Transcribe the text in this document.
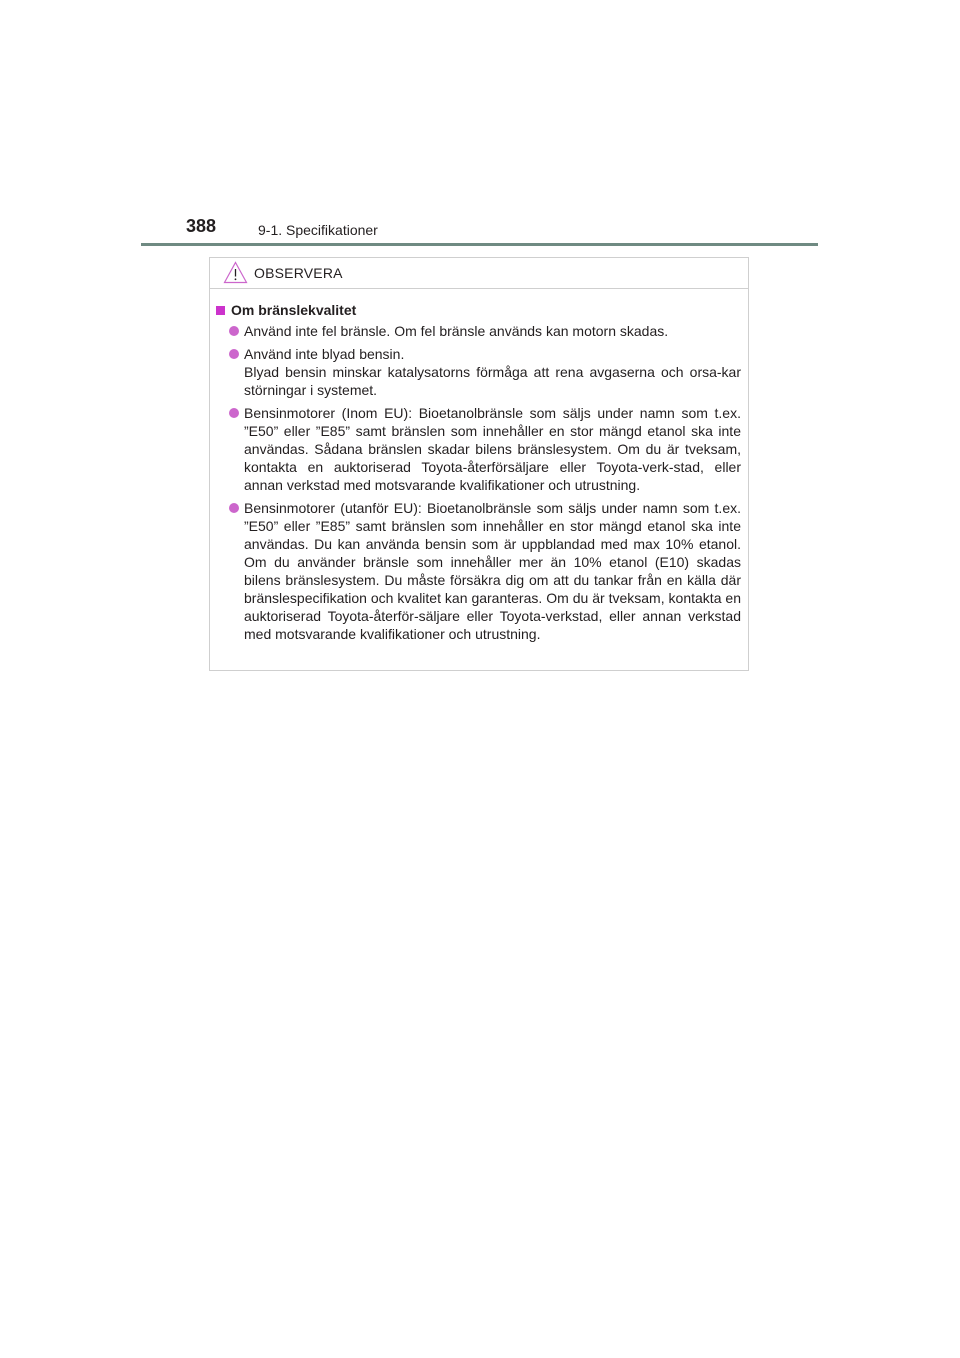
388	9-1. Specifikationer
OBSERVERA
Om bränslekvalitet
Använd inte fel bränsle. Om fel bränsle används kan motorn skadas.
Använd inte blyad bensin.
Blyad bensin minskar katalysatorns förmåga att rena avgaserna och orsa-kar störningar i systemet.
Bensinmotorer (Inom EU): Bioetanolbränsle som säljs under namn som t.ex. ”E50” eller ”E85” samt bränslen som innehåller en stor mängd etanol ska inte användas. Sådana bränslen skadar bilens bränslesystem. Om du är tveksam, kontakta en auktoriserad Toyota-återförsäljare eller Toyota-verk-stad, eller annan verkstad med motsvarande kvalifikationer och utrustning.
Bensinmotorer (utanför EU): Bioetanolbränsle som säljs under namn som t.ex. ”E50” eller ”E85” samt bränslen som innehåller en stor mängd etanol ska inte användas. Du kan använda bensin som är uppblandad med max 10% etanol. Om du använder bränsle som innehåller mer än 10% etanol (E10) skadas bilens bränslesystem. Du måste försäkra dig om att du tankar från en källa där bränslespecifikation och kvalitet kan garanteras. Om du är tveksam, kontakta en auktoriserad Toyota-återför-säljare eller Toyota-verkstad, eller annan verkstad med motsvarande kvalifikationer och utrustning.
